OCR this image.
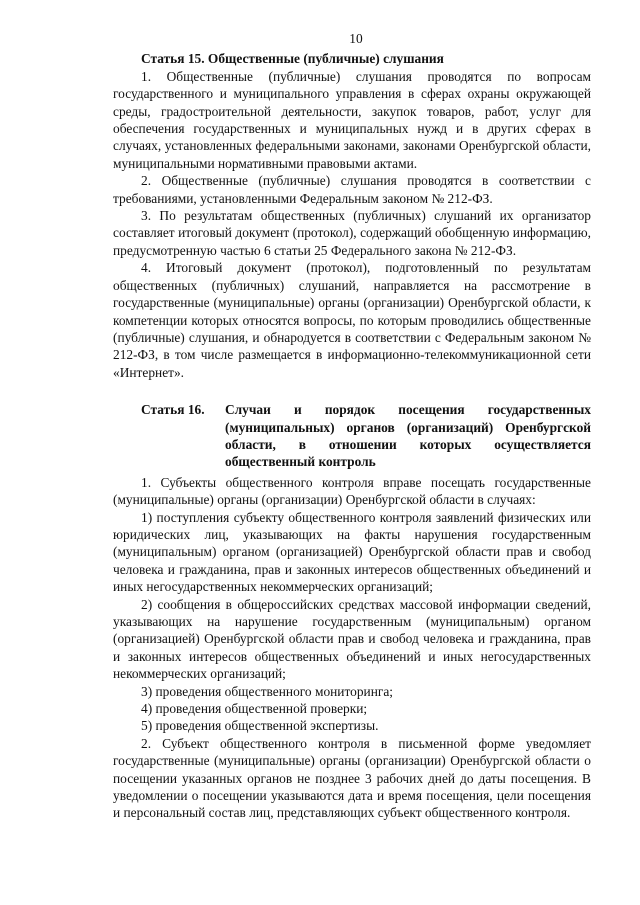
10
Статья 15. Общественные (публичные) слушания

1. Общественные (публичные) слушания проводятся по вопросам государственного и муниципального управления в сферах охраны окружающей среды, градостроительной деятельности, закупок товаров, работ, услуг для обеспечения государственных и муниципальных нужд и в других сферах в случаях, установленных федеральными законами, законами Оренбургской области, муниципальными нормативными правовыми актами.

2. Общественные (публичные) слушания проводятся в соответствии с требованиями, установленными Федеральным законом № 212-ФЗ.

3. По результатам общественных (публичных) слушаний их организатор составляет итоговый документ (протокол), содержащий обобщенную информацию, предусмотренную частью 6 статьи 25 Федерального закона № 212-ФЗ.

4. Итоговый документ (протокол), подготовленный по результатам общественных (публичных) слушаний, направляется на рассмотрение в государственные (муниципальные) органы (организации) Оренбургской области, к компетенции которых относятся вопросы, по которым проводились общественные (публичные) слушания, и обнародуется в соответствии с Федеральным законом № 212-ФЗ, в том числе размещается в информационно-телекоммуникационной сети «Интернет».

Статья 16.	Случаи и порядок посещения государственных (муниципальных) органов (организаций) Оренбургской области, в отношении которых осуществляется общественный контроль

1. Субъекты общественного контроля вправе посещать государственные (муниципальные) органы (организации) Оренбургской области в случаях:

1) поступления субъекту общественного контроля заявлений физических или юридических лиц, указывающих на факты нарушения государственным (муниципальным) органом (организацией) Оренбургской области прав и свобод человека и гражданина, прав и законных интересов общественных объединений и иных негосударственных некоммерческих организаций;

2) сообщения в общероссийских средствах массовой информации сведений, указывающих на нарушение государственным (муниципальным) органом (организацией) Оренбургской области прав и свобод человека и гражданина, прав и законных интересов общественных объединений и иных негосударственных некоммерческих организаций;

3) проведения общественного мониторинга;

4) проведения общественной проверки;

5) проведения общественной экспертизы.

2. Субъект общественного контроля в письменной форме уведомляет государственные (муниципальные) органы (организации) Оренбургской области о посещении указанных органов не позднее 3 рабочих дней до даты посещения. В уведомлении о посещении указываются дата и время посещения, цели посещения и персональный состав лиц, представляющих субъект общественного контроля.
